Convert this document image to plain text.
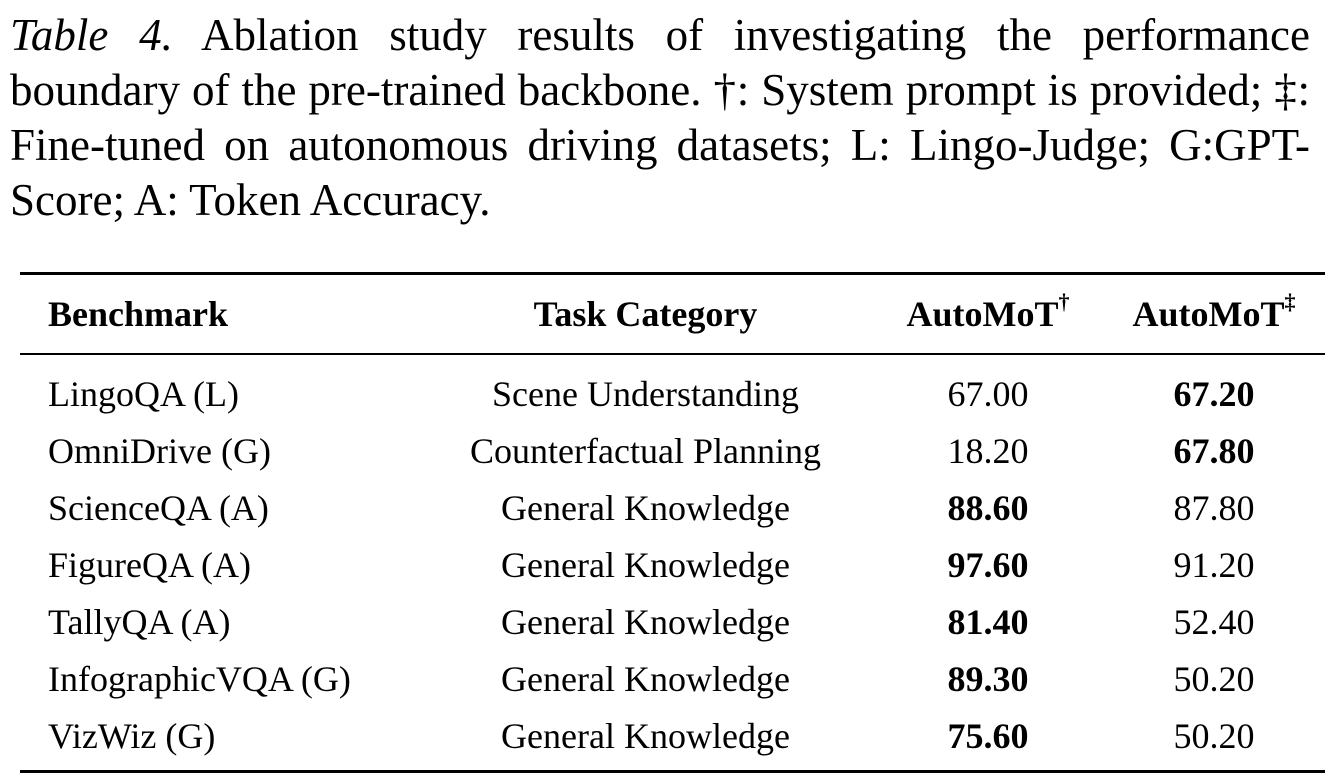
Table 4. Ablation study results of investigating the performance boundary of the pre-trained backbone. †: System prompt is provided; ‡: Fine-tuned on autonomous driving datasets; L: Lingo-Judge; G:GPT-Score; A: Token Accuracy.

Benchmark	Task Category	AutoMoT†	AutoMoT‡
LingoQA (L)	Scene Understanding	67.00	67.20
OmniDrive (G)	Counterfactual Planning	18.20	67.80
ScienceQA (A)	General Knowledge	88.60	87.80
FigureQA (A)	General Knowledge	97.60	91.20
TallyQA (A)	General Knowledge	81.40	52.40
InfographicVQA (G)	General Knowledge	89.30	50.20
VizWiz (G)	General Knowledge	75.60	50.20
